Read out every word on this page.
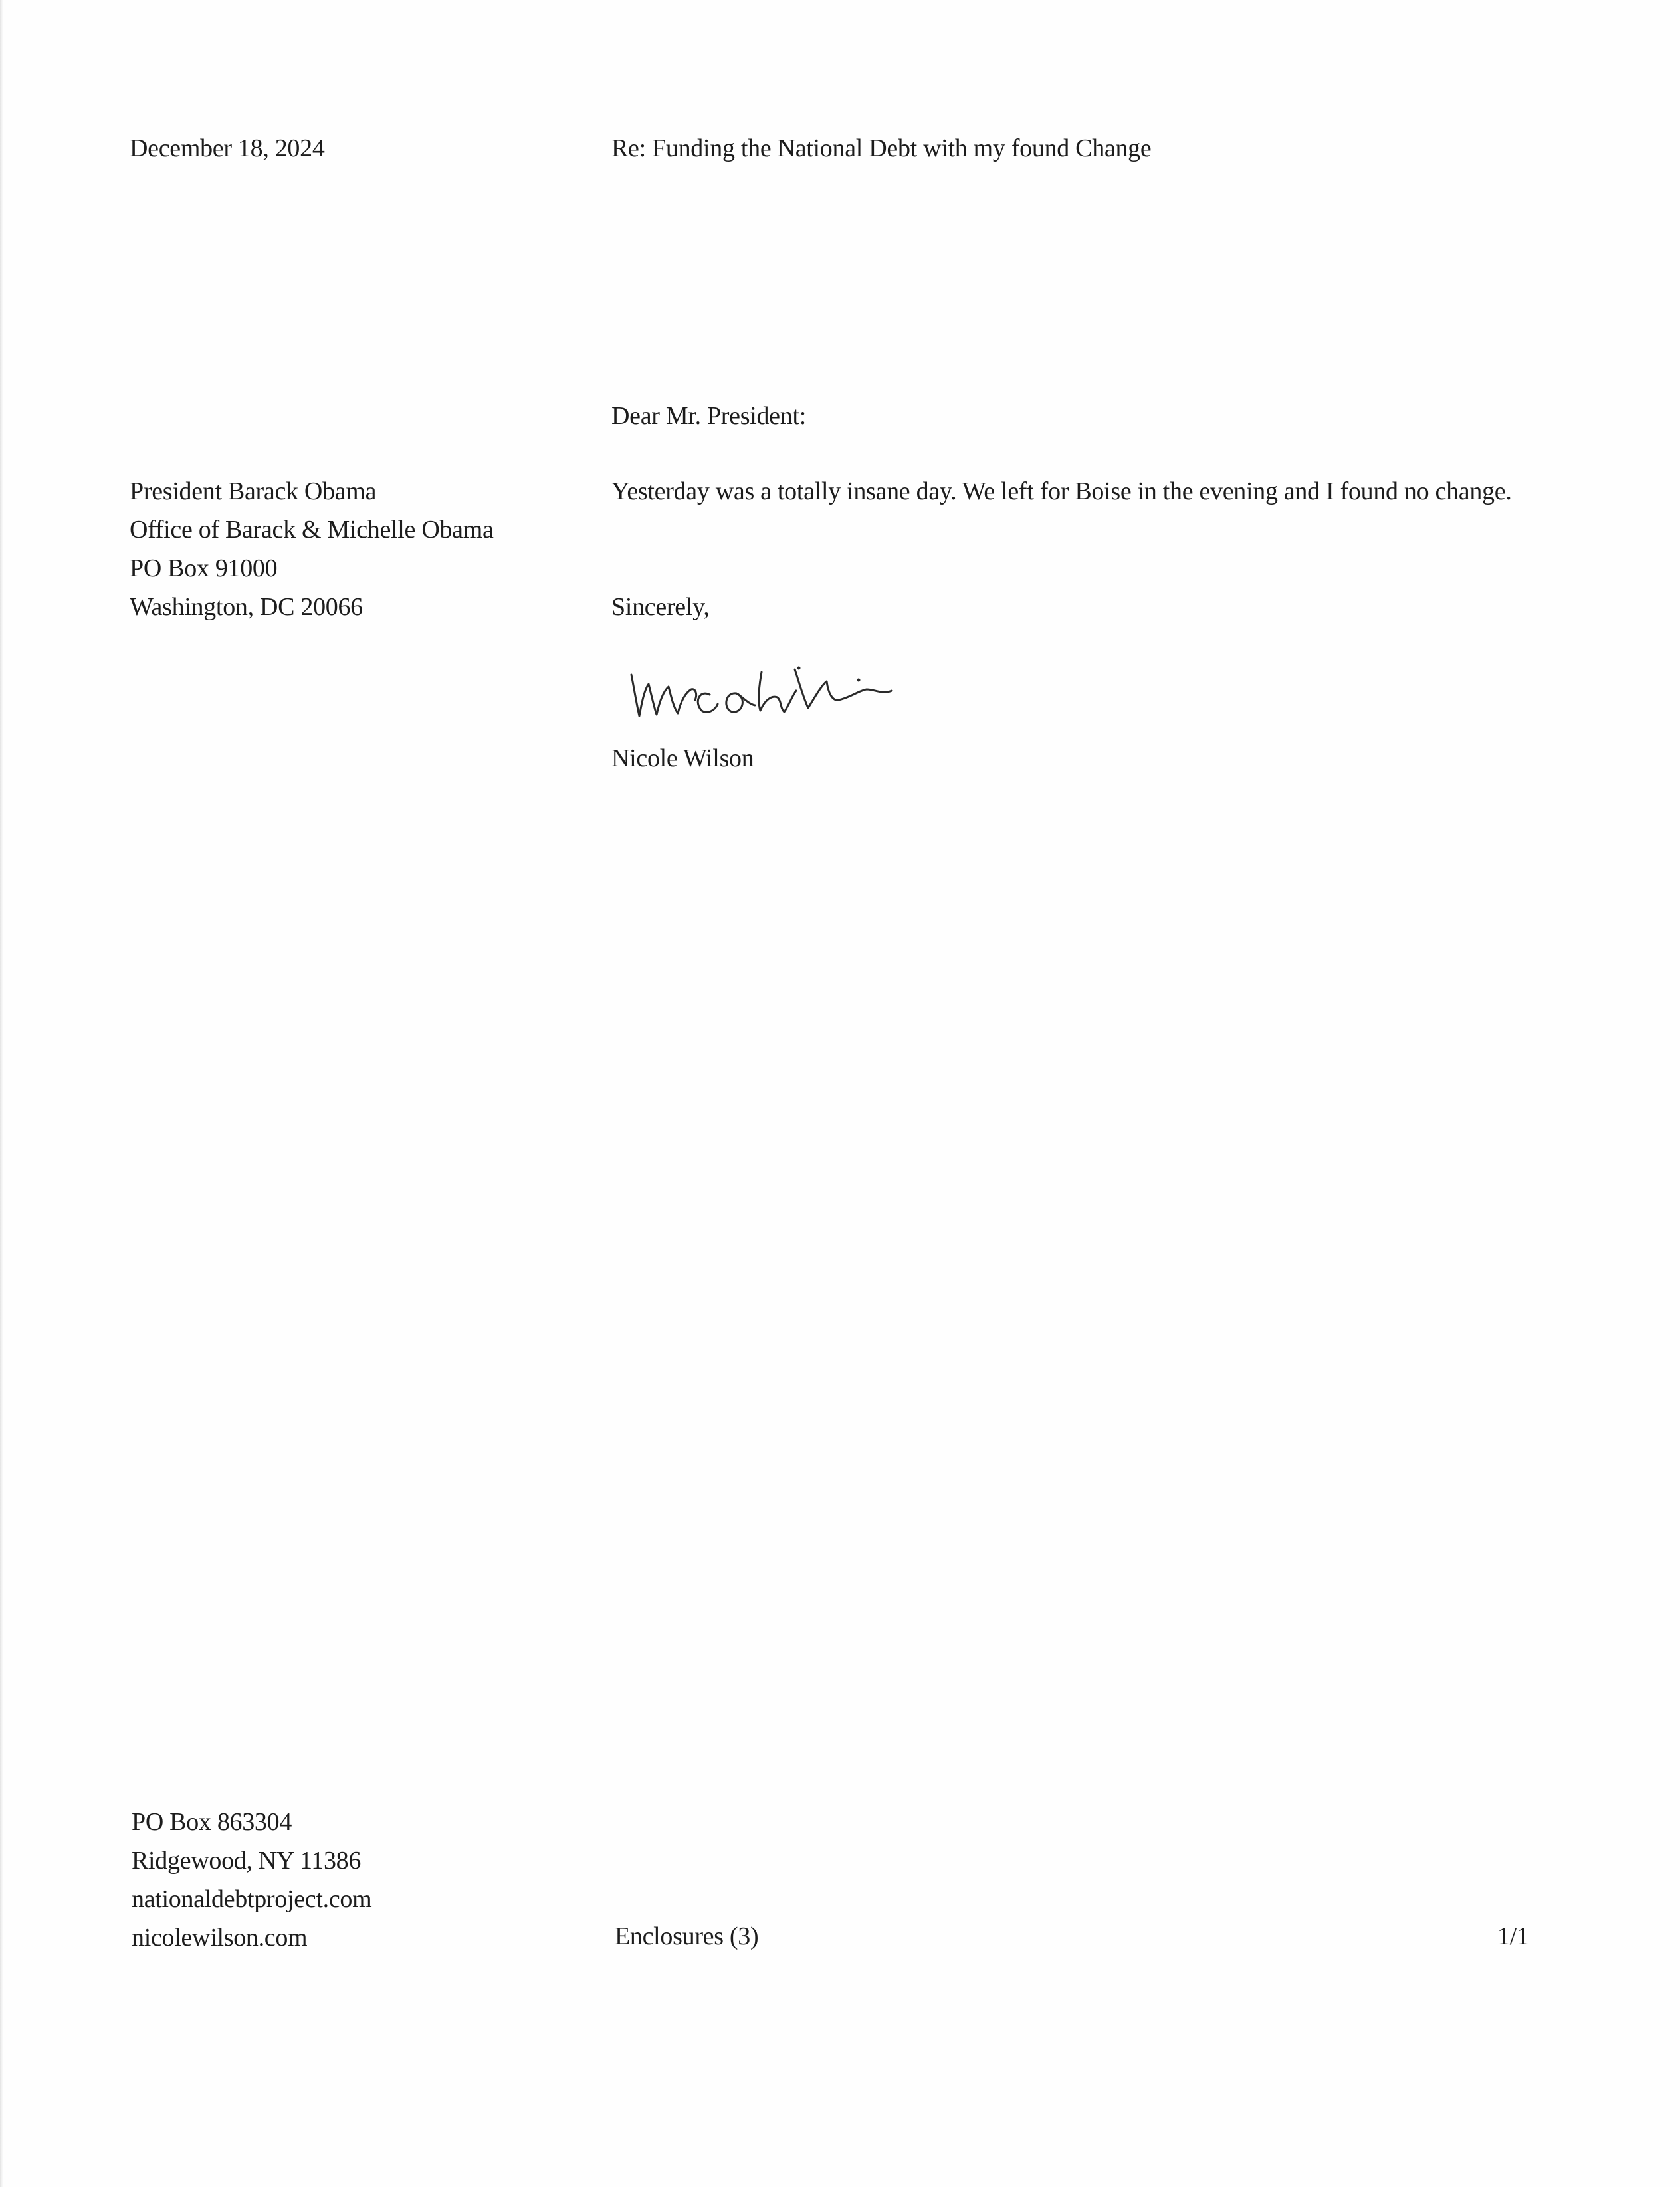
December 18, 2024	Re: Funding the National Debt with my found Change
Dear Mr. President:
President Barack Obama
Office of Barack & Michelle Obama
PO Box 91000
Washington, DC 20066
Yesterday was a totally insane day. We left for Boise in the evening and I found no change.
Sincerely,
Nicole Wilson
PO Box 863304
Ridgewood, NY 11386
nationaldebtproject.com
nicolewilson.com	Enclosures (3)	1/1
